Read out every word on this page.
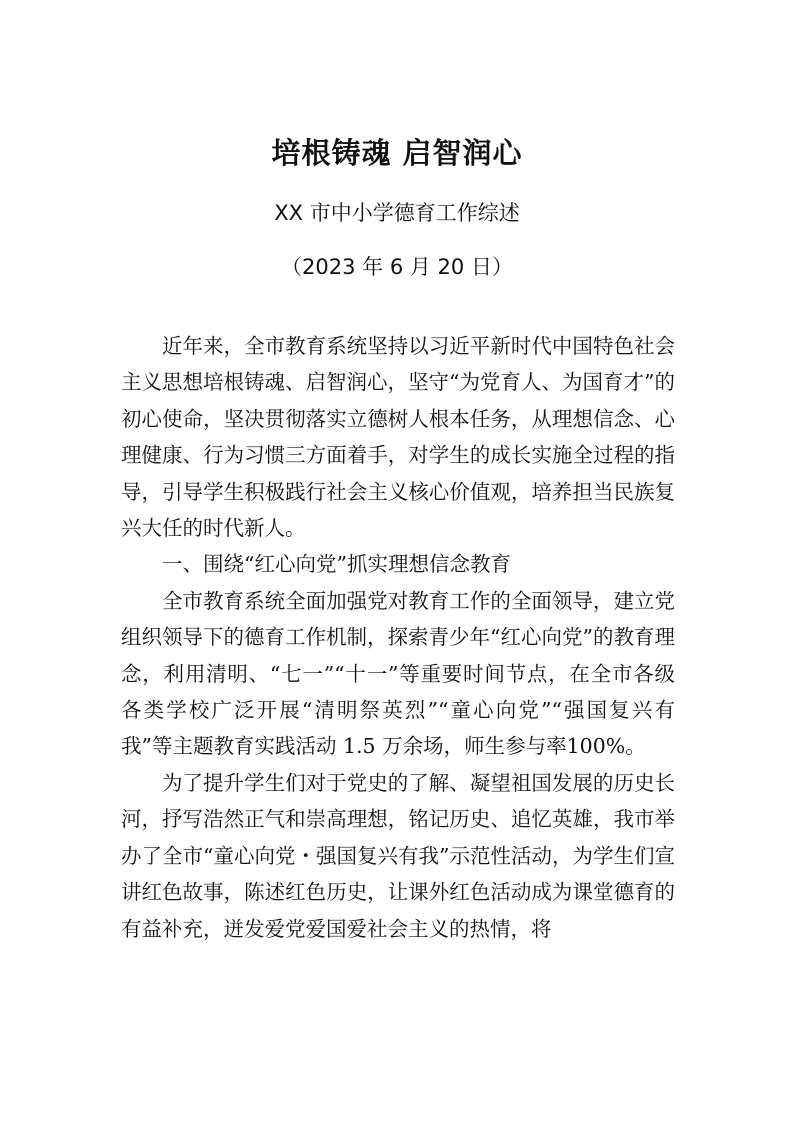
培根铸魂 启智润心
XX 市中小学德育工作综述
（2023 年 6 月 20 日）

近年来，全市教育系统坚持以习近平新时代中国特色社会主义思想培根铸魂、启智润心，坚守“为党育人、为国育才”的初心使命，坚决贯彻落实立德树人根本任务，从理想信念、心理健康、行为习惯三方面着手，对学生的成长实施全过程的指导，引导学生积极践行社会主义核心价值观，培养担当民族复兴大任的时代新人。

一、围绕“红心向党”抓实理想信念教育

全市教育系统全面加强党对教育工作的全面领导，建立党组织领导下的德育工作机制，探索青少年“红心向党”的教育理念，利用清明、“七一”“十一”等重要时间节点，在全市各级各类学校广泛开展“清明祭英烈”“童心向党”“强国复兴有我”等主题教育实践活动 1.5 万余场，师生参与率100%。

为了提升学生们对于党史的了解、凝望祖国发展的历史长河，抒写浩然正气和崇高理想，铭记历史、追忆英雄，我市举办了全市“童心向党・强国复兴有我”示范性活动，为学生们宣讲红色故事，陈述红色历史，让课外红色活动成为课堂德育的有益补充，迸发爱党爱国爱社会主义的热情，将
